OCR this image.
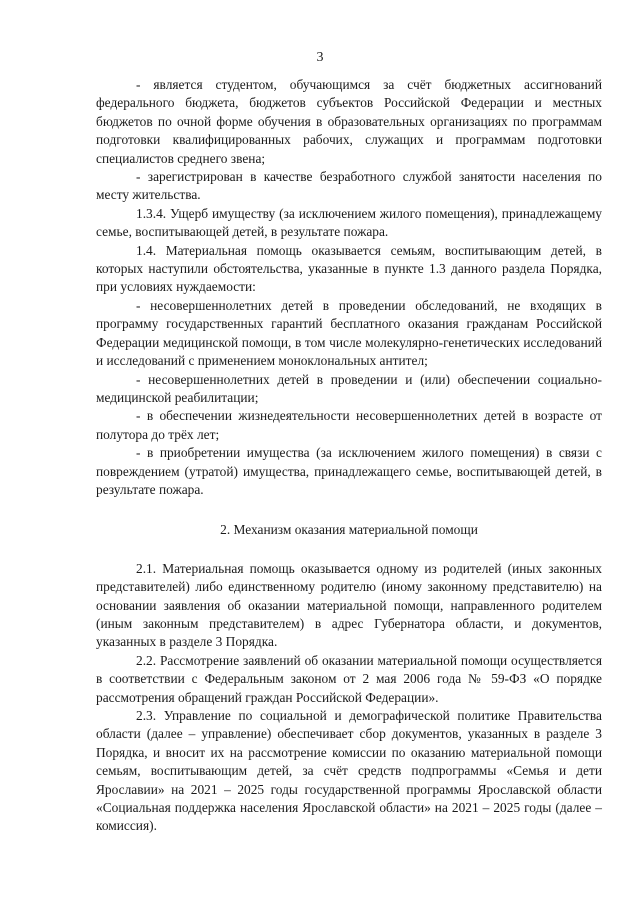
3

- является студентом, обучающимся за счёт бюджетных ассигнований федерального бюджета, бюджетов субъектов Российской Федерации и местных бюджетов по очной форме обучения в образовательных организациях по программам подготовки квалифицированных рабочих, служащих и программам подготовки специалистов среднего звена;

- зарегистрирован в качестве безработного службой занятости населения по месту жительства.

1.3.4. Ущерб имуществу (за исключением жилого помещения), принадлежащему семье, воспитывающей детей, в результате пожара.

1.4. Материальная помощь оказывается семьям, воспитывающим детей, в которых наступили обстоятельства, указанные в пункте 1.3 данного раздела Порядка, при условиях нуждаемости:

- несовершеннолетних детей в проведении обследований, не входящих в программу государственных гарантий бесплатного оказания гражданам Российской Федерации медицинской помощи, в том числе молекулярно-генетических исследований и исследований с применением моноклональных антител;

- несовершеннолетних детей в проведении и (или) обеспечении социально-медицинской реабилитации;

- в обеспечении жизнедеятельности несовершеннолетних детей в возрасте от полутора до трёх лет;

- в приобретении имущества (за исключением жилого помещения) в связи с повреждением (утратой) имущества, принадлежащего семье, воспитывающей детей, в результате пожара.

2. Механизм оказания материальной помощи

2.1. Материальная помощь оказывается одному из родителей (иных законных представителей) либо единственному родителю (иному законному представителю) на основании заявления об оказании материальной помощи, направленного родителем (иным законным представителем) в адрес Губернатора области, и документов, указанных в разделе 3 Порядка.

2.2. Рассмотрение заявлений об оказании материальной помощи осуществляется в соответствии с Федеральным законом от 2 мая 2006 года № 59-ФЗ «О порядке рассмотрения обращений граждан Российской Федерации».

2.3. Управление по социальной и демографической политике Правительства области (далее – управление) обеспечивает сбор документов, указанных в разделе 3 Порядка, и вносит их на рассмотрение комиссии по оказанию материальной помощи семьям, воспитывающим детей, за счёт средств подпрограммы «Семья и дети Ярославии» на 2021 – 2025 годы государственной программы Ярославской области «Социальная поддержка населения Ярославской области» на 2021 – 2025 годы (далее – комиссия).
